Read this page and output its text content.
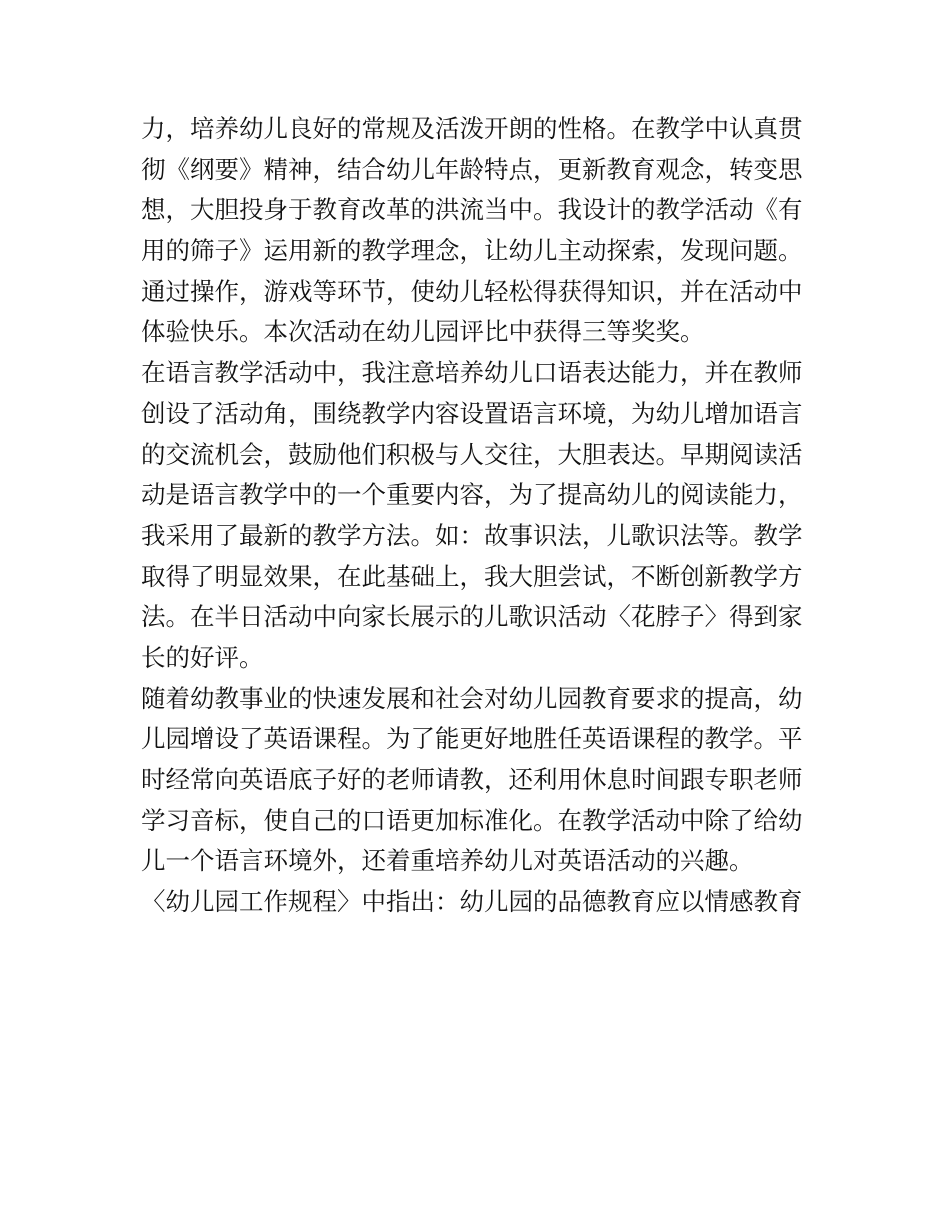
力，培养幼儿良好的常规及活泼开朗的性格。在教学中认真贯
彻《纲要》精神，结合幼儿年龄特点，更新教育观念，转变思
想，大胆投身于教育改革的洪流当中。我设计的教学活动《有
用的筛子》运用新的教学理念，让幼儿主动探索，发现问题。
通过操作，游戏等环节，使幼儿轻松得获得知识，并在活动中
体验快乐。本次活动在幼儿园评比中获得三等奖奖。
在语言教学活动中，我注意培养幼儿口语表达能力，并在教师
创设了活动角，围绕教学内容设置语言环境，为幼儿增加语言
的交流机会，鼓励他们积极与人交往，大胆表达。早期阅读活
动是语言教学中的一个重要内容，为了提高幼儿的阅读能力，
我采用了最新的教学方法。如：故事识法，儿歌识法等。教学
取得了明显效果，在此基础上，我大胆尝试，不断创新教学方
法。在半日活动中向家长展示的儿歌识活动〈花脖子〉得到家
长的好评。
随着幼教事业的快速发展和社会对幼儿园教育要求的提高，幼
儿园增设了英语课程。为了能更好地胜任英语课程的教学。平
时经常向英语底子好的老师请教，还利用休息时间跟专职老师
学习音标，使自己的口语更加标准化。在教学活动中除了给幼
儿一个语言环境外，还着重培养幼儿对英语活动的兴趣。
〈幼儿园工作规程〉中指出：幼儿园的品德教育应以情感教育
